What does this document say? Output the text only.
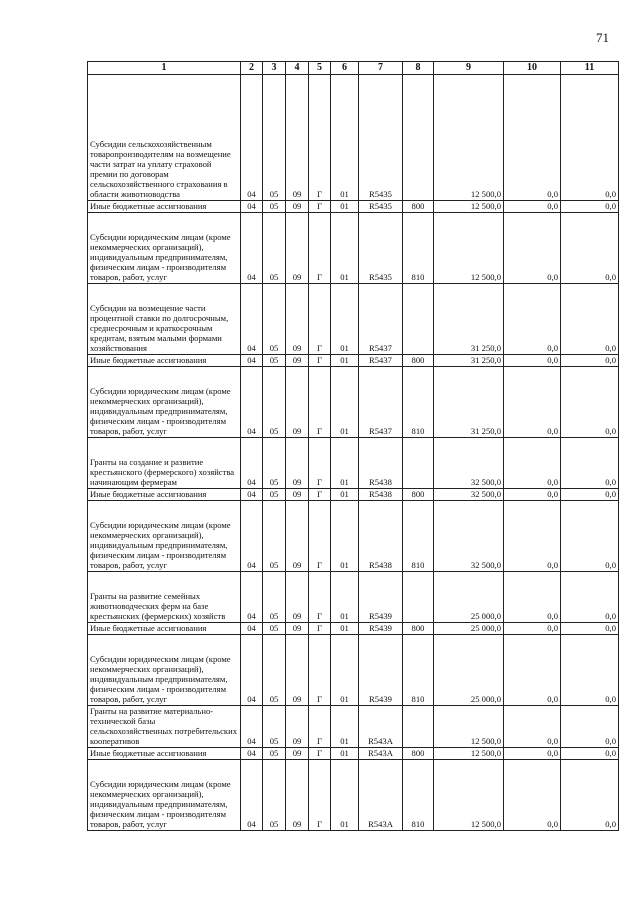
71
1	2	3	4	5	6	7	8	9	10	11
Субсидии сельскохозяйственным товаропроизводителям на возмещение части затрат на уплату страховой премии по договорам сельскохозяйственного страхования в области животноводства	04	05	09	Г	01	R5435		12 500,0	0,0	0,0
Иные бюджетные ассигнования	04	05	09	Г	01	R5435	800	12 500,0	0,0	0,0
Субсидии юридическим лицам (кроме некоммерческих организаций), индивидуальным предпринимателям, физическим лицам - производителям товаров, работ, услуг	04	05	09	Г	01	R5435	810	12 500,0	0,0	0,0
Субсидии на возмещение части процентной ставки по долгосрочным, среднесрочным и краткосрочным кредитам, взятым малыми формами хозяйствования	04	05	09	Г	01	R5437		31 250,0	0,0	0,0
Иные бюджетные ассигнования	04	05	09	Г	01	R5437	800	31 250,0	0,0	0,0
Субсидии юридическим лицам (кроме некоммерческих организаций), индивидуальным предпринимателям, физическим лицам - производителям товаров, работ, услуг	04	05	09	Г	01	R5437	810	31 250,0	0,0	0,0
Гранты на создание и развитие крестьянского (фермерского) хозяйства начинающим фермерам	04	05	09	Г	01	R5438		32 500,0	0,0	0,0
Иные бюджетные ассигнования	04	05	09	Г	01	R5438	800	32 500,0	0,0	0,0
Субсидии юридическим лицам (кроме некоммерческих организаций), индивидуальным предпринимателям, физическим лицам - производителям товаров, работ, услуг	04	05	09	Г	01	R5438	810	32 500,0	0,0	0,0
Гранты на развитие семейных животноводческих ферм на базе крестьянских (фермерских) хозяйств	04	05	09	Г	01	R5439		25 000,0	0,0	0,0
Иные бюджетные ассигнования	04	05	09	Г	01	R5439	800	25 000,0	0,0	0,0
Субсидии юридическим лицам (кроме некоммерческих организаций), индивидуальным предпринимателям, физическим лицам - производителям товаров, работ, услуг	04	05	09	Г	01	R5439	810	25 000,0	0,0	0,0
Гранты на развитие материально-технической базы сельскохозяйственных потребительских кооперативов	04	05	09	Г	01	R543А		12 500,0	0,0	0,0
Иные бюджетные ассигнования	04	05	09	Г	01	R543А	800	12 500,0	0,0	0,0
Субсидии юридическим лицам (кроме некоммерческих организаций), индивидуальным предпринимателям, физическим лицам - производителям товаров, работ, услуг	04	05	09	Г	01	R543А	810	12 500,0	0,0	0,0
